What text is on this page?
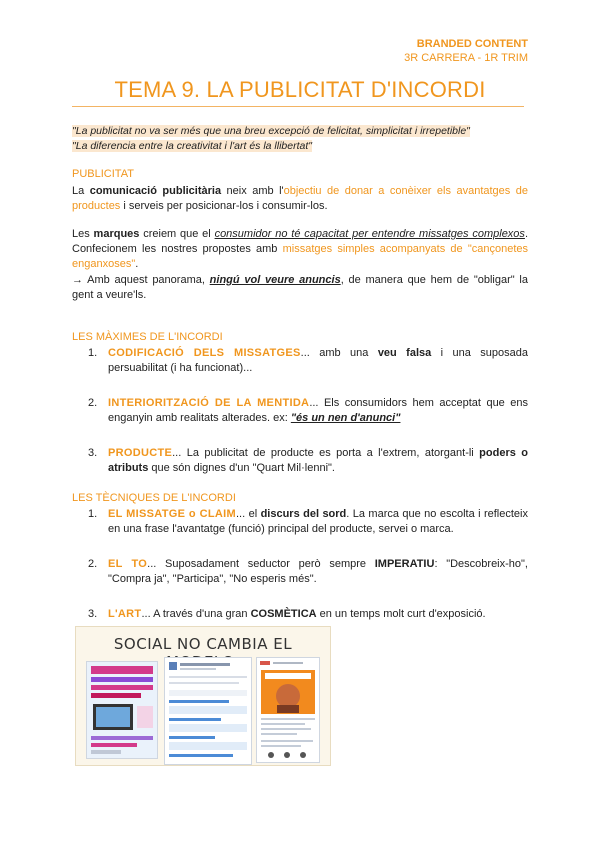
BRANDED CONTENT
3R CARRERA - 1R TRIM
TEMA 9. LA PUBLICITAT D'INCORDI
"La publicitat no va ser més que una breu excepció de felicitat, simplicitat i irrepetible"
"La diferencia entre la creativitat i l'art és la llibertat"
PUBLICITAT
La comunicació publicitària neix amb l'objectiu de donar a conèixer els avantatges de productes i serveis per posicionar-los i consumir-los.
Les marques creiem que el consumidor no té capacitat per entendre missatges complexos. Confecionem les nostres propostes amb missatges simples acompanyats de "cançonetes enganxoses".
→ Amb aquest panorama, ningú vol veure anuncis, de manera que hem de "obligar" la gent a veure'ls.
LES MÀXIMES DE L'INCORDI
1. CODIFICACIÓ DELS MISSATGES... amb una veu falsa i una suposada persuabilitat (i ha funcionat)...
2. INTERIORITZACIÓ DE LA MENTIDA... Els consumidors hem acceptat que ens enganyin amb realitats alterades. ex: "és un nen d'anunci"
3. PRODUCTE... La publicitat de producte es porta a l'extrem, atorgant-li poders o atributs que són dignes d'un "Quart Mil·lenni".
LES TÈCNIQUES DE L'INCORDI
1. EL MISSATGE o CLAIM... el discurs del sord. La marca que no escolta i reflecteix en una frase l'avantatge (funció) principal del producte, servei o marca.
2. EL TO... Suposadament seductor però sempre IMPERATIU: "Descobreix-ho", "Compra ja", "Participa", "No esperis més".
3. L'ART... A través d'una gran COSMÈTICA en un temps molt curt d'exposició.
SOCIAL NO CAMBIA EL
